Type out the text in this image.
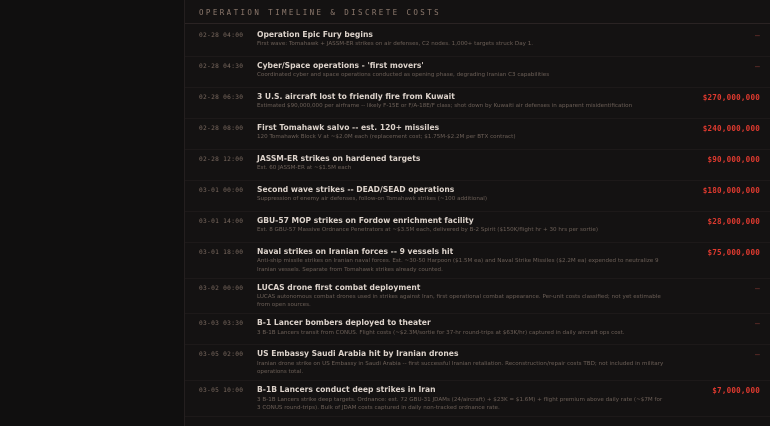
OPERATION TIMELINE & DISCRETE COSTS
02-28 04:00	Operation Epic Fury begins
First wave: Tomahawk + JASSM-ER strikes on air defenses, C2 nodes. 1,000+ targets struck Day 1.
—
02-28 04:30	Cyber/Space operations - 'first movers'
Coordinated cyber and space operations conducted as opening phase, degrading Iranian C3 capabilities
—
02-28 06:30	3 U.S. aircraft lost to friendly fire from Kuwait
Estimated $90,000,000 per airframe -- likely F-15E or F/A-18E/F class; shot down by Kuwaiti air defenses in apparent misidentification
$270,000,000
02-28 08:00	First Tomahawk salvo -- est. 120+ missiles
120 Tomahawk Block V at ~$2.0M each (replacement cost; $1.75M-$2.2M per BTX contract)
$240,000,000
02-28 12:00	JASSM-ER strikes on hardened targets
Est. 60 JASSM-ER at ~$1.5M each
$90,000,000
03-01 00:00	Second wave strikes -- DEAD/SEAD operations
Suppression of enemy air defenses, follow-on Tomahawk strikes (~100 additional)
$180,000,000
03-01 14:00	GBU-57 MOP strikes on Fordow enrichment facility
Est. 8 GBU-57 Massive Ordnance Penetrators at ~$3.5M each, delivered by B-2 Spirit ($150K/flight hr + 30 hrs per sortie)
$28,000,000
03-01 18:00	Naval strikes on Iranian forces -- 9 vessels hit
Anti-ship missile strikes on Iranian naval forces. Est. ~30-50 Harpoon ($1.5M ea) and Naval Strike Missiles ($2.2M ea) expended to neutralize 9 Iranian vessels. Separate from Tomahawk strikes already counted.
$75,000,000
03-02 00:00	LUCAS drone first combat deployment
LUCAS autonomous combat drones used in strikes against Iran, first operational combat appearance. Per-unit costs classified; not yet estimable from open sources.
—
03-03 03:30	B-1 Lancer bombers deployed to theater
3 B-1B Lancers transit from CONUS. Flight costs (~$2.3M/sortie for 37-hr round-trips at $63K/hr) captured in daily aircraft ops cost.
—
03-05 02:00	US Embassy Saudi Arabia hit by Iranian drones
Iranian drone strike on US Embassy in Saudi Arabia -- first successful Iranian retaliation. Reconstruction/repair costs TBD; not included in military operations total.
—
03-05 10:00	B-1B Lancers conduct deep strikes in Iran
3 B-1B Lancers strike deep targets. Ordnance: est. 72 GBU-31 JDAMs (24/aircraft) + $23K = $1.6M) + flight premium above daily rate (~$7M for 3 CONUS round-trips). Bulk of JDAM costs captured in daily non-tracked ordnance rate.
$7,000,000
